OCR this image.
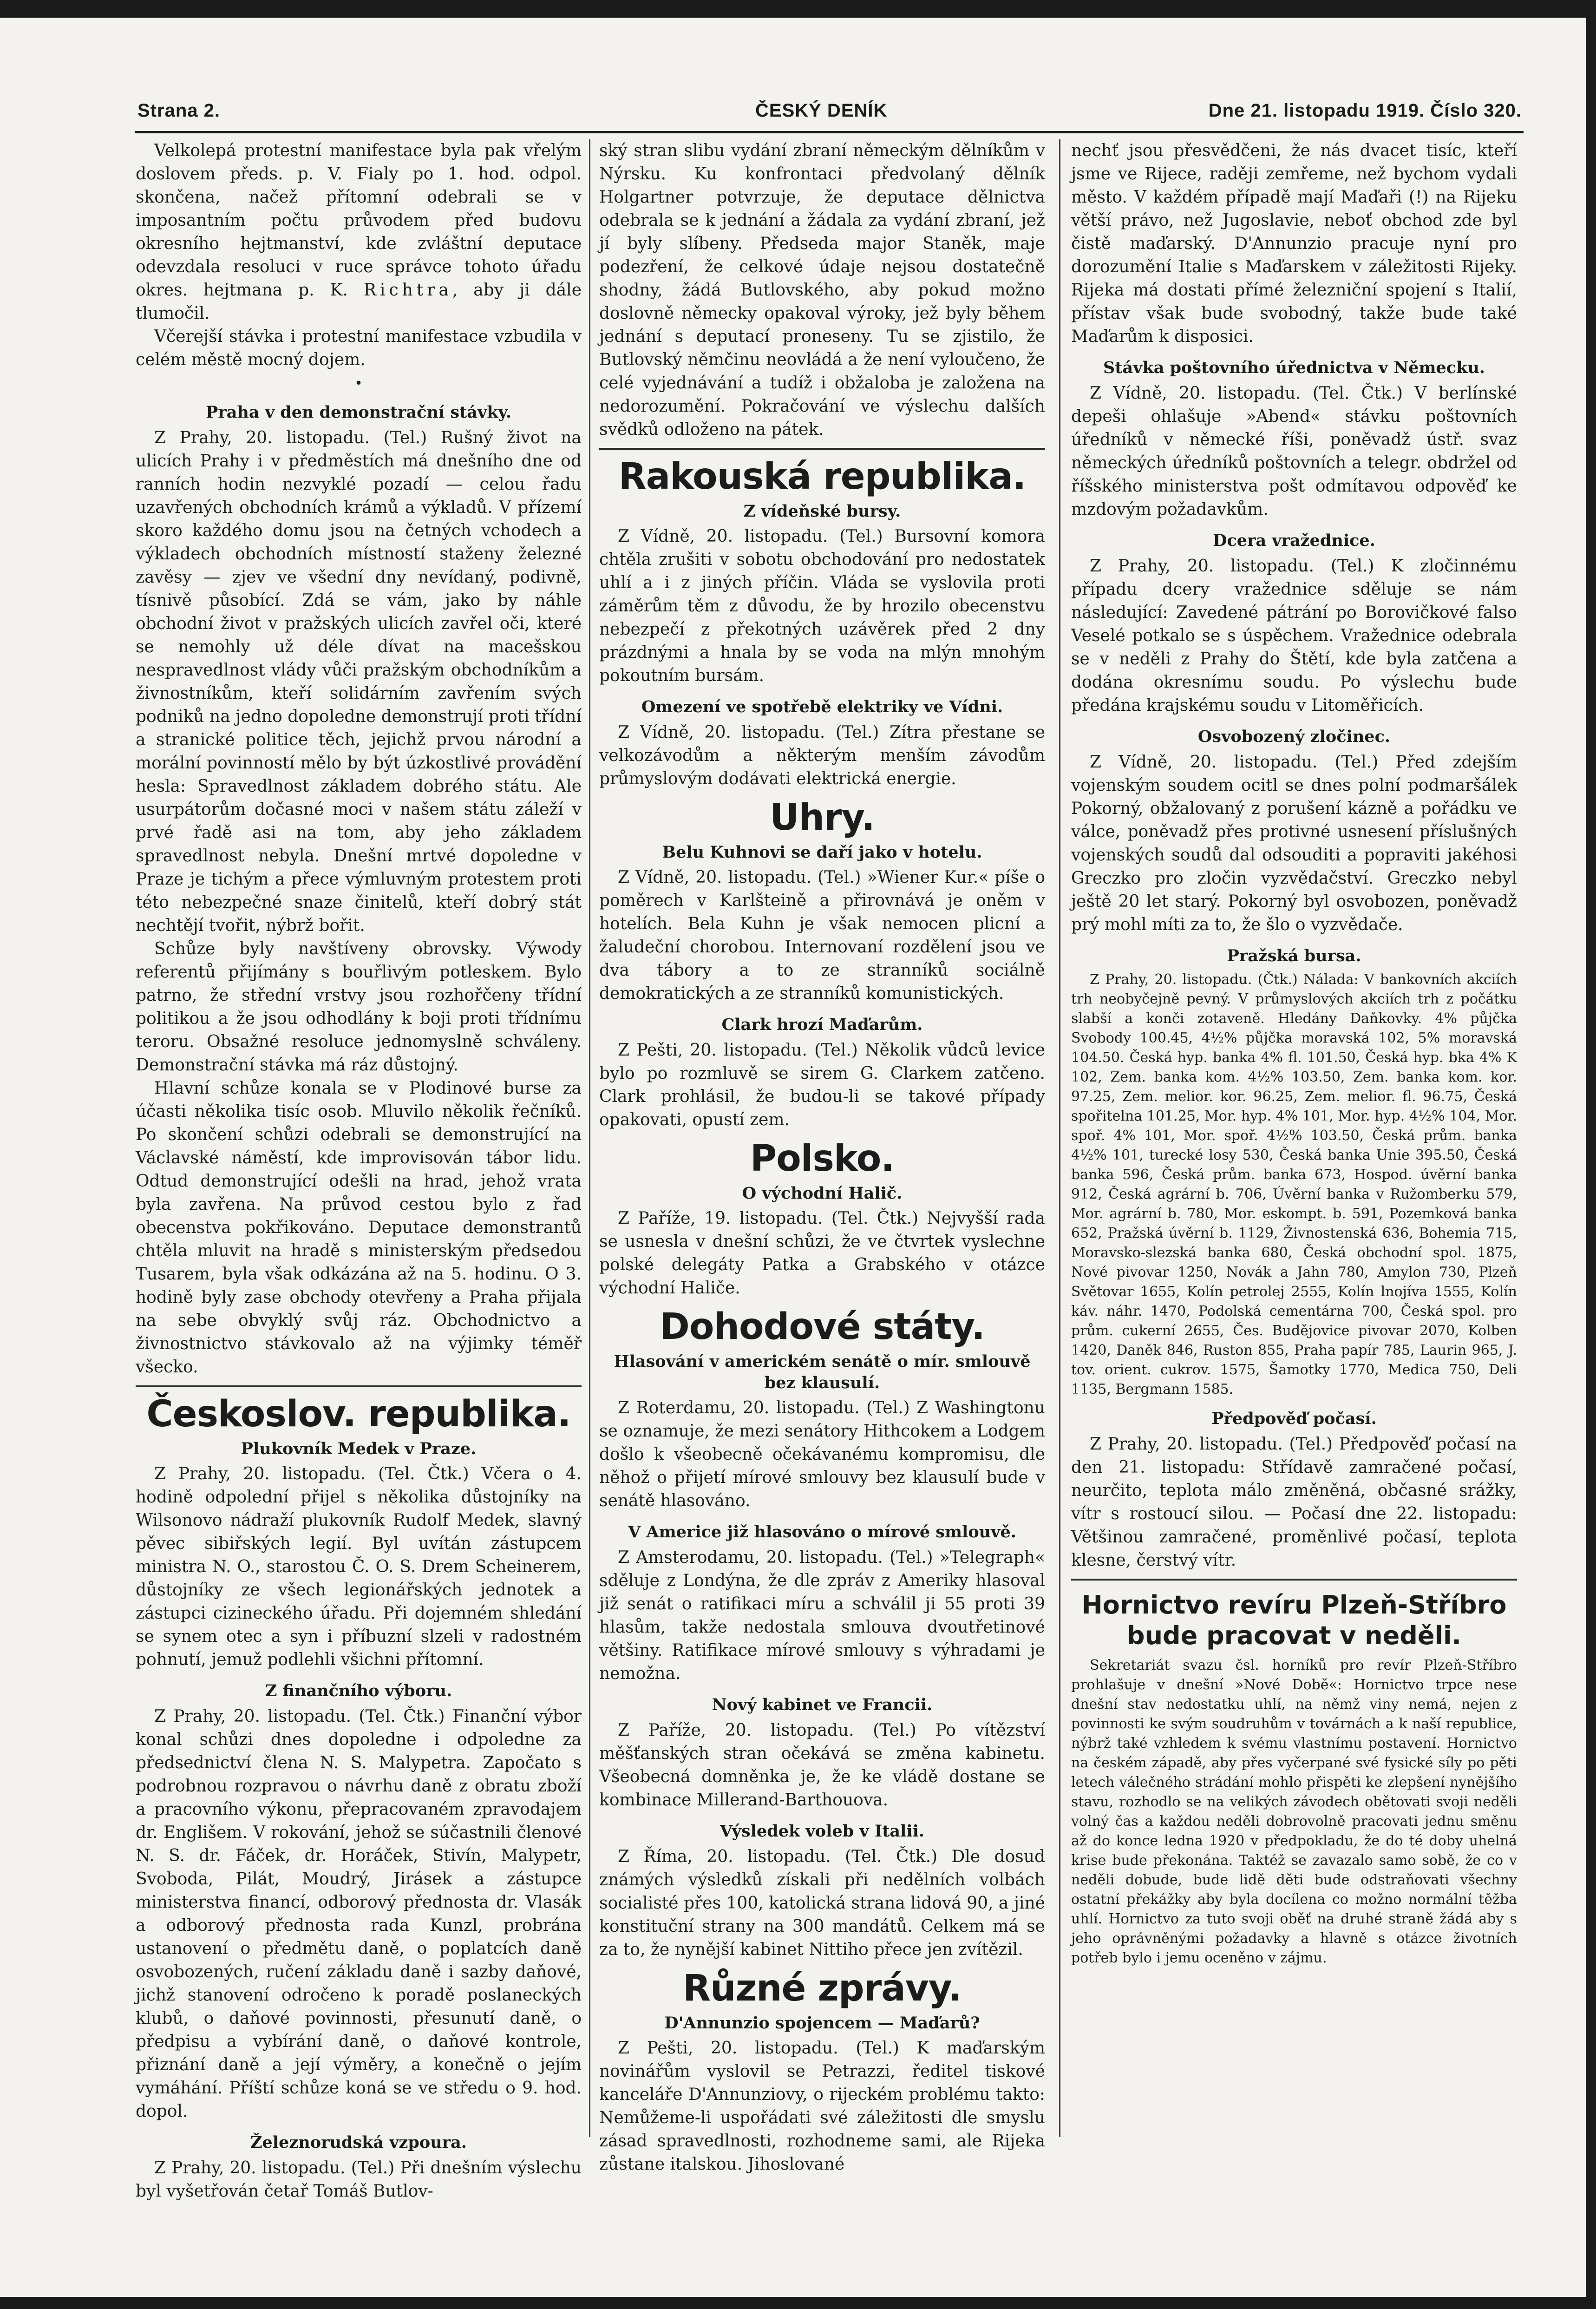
Strana 2.	ČESKÝ DENÍK	Dne 21. listopadu 1919. Číslo 320.

Velkolepá protestní manifestace byla pak vřelým doslovem předs. p. V. Fialy po 1. hod. odpol. skončena, načež přítomní odebrali se v imposantním počtu průvodem před budovu okresního hejtmanství, kde zvláštní deputace odevzdala resoluci v ruce správce tohoto úřadu okres. hejtmana p. K. Richtra, aby ji dále tlumočil.

Včerejší stávka i protestní manifestace vzbudila v celém městě mocný dojem.

•
Praha v den demonstrační stávky.

Z Prahy, 20. listopadu. (Tel.) Rušný život na ulicích Prahy i v předměstích má dnešního dne od ranních hodin nezvyklé pozadí — celou řadu uzavřených obchodních krámů a výkladů. V přízemí skoro každého domu jsou na četných vchodech a výkladech obchodních místností staženy železné zavěsy — zjev ve všední dny nevídaný, podivně, tísnivě působící. Zdá se vám, jako by náhle obchodní život v pražských ulicích zavřel oči, které se nemohly už déle dívat na macešskou nespravedlnost vlády vůči pražským obchodníkům a živnostníkům, kteří solidárním zavřením svých podniků na jedno dopoledne demonstrují proti třídní a stranické politice těch, jejichž prvou národní a morální povinností mělo by být úzkostlivé provádění hesla: Spravedlnost základem dobrého státu. Ale usurpátorům dočasné moci v našem státu záleží v prvé řadě asi na tom, aby jeho základem spravedlnost nebyla. Dnešní mrtvé dopoledne v Praze je tichým a přece výmluvným protestem proti této nebezpečné snaze činitelů, kteří dobrý stát nechtějí tvořit, nýbrž bořit.

Schůze byly navštíveny obrovsky. Výwody referentů přijímány s bouřlivým potleskem. Bylo patrno, že střední vrstvy jsou rozhořčeny třídní politikou a že jsou odhodlány k boji proti třídnímu teroru. Obsažné resoluce jednomyslně schváleny. Demonstrační stávka má ráz důstojný.

Hlavní schůze konala se v Plodinové burse za účasti několika tisíc osob. Mluvilo několik řečníků. Po skončení schůzi odebrali se demonstrující na Václavské náměstí, kde improvisován tábor lidu. Odtud demonstrující odešli na hrad, jehož vrata byla zavřena. Na průvod cestou bylo z řad obecenstva pokřikováno. Deputace demonstrantů chtěla mluvit na hradě s ministerským předsedou Tusarem, byla však odkázána až na 5. hodinu. O 3. hodině byly zase obchody otevřeny a Praha přijala na sebe obvyklý svůj ráz. Obchodnictvo a živnostnictvo stávkovalo až na výjimky téměř všecko.

Českoslov. republika.
Plukovník Medek v Praze.

Z Prahy, 20. listopadu. (Tel. Čtk.) Včera o 4. hodině odpolední přijel s několika důstojníky na Wilsonovo nádraží plukovník Rudolf Medek, slavný pěvec sibiřských legií. Byl uvítán zástupcem ministra N. O., starostou Č. O. S. Drem Scheinerem, důstojníky ze všech legionářských jednotek a zástupci cizineckého úřadu. Při dojemném shledání se synem otec a syn i příbuzní slzeli v radostném pohnutí, jemuž podlehli všichni přítomní.

Z finančního výboru.

Z Prahy, 20. listopadu. (Tel. Čtk.) Finanční výbor konal schůzi dnes dopoledne i odpoledne za předsednictví člena N. S. Malypetra. Započato s podrobnou rozpravou o návrhu daně z obratu zboží a pracovního výkonu, přepracovaném zpravodajem dr. Englišem. V rokování, jehož se súčastnili členové N. S. dr. Fáček, dr. Horáček, Stivín, Malypetr, Svoboda, Pilát, Moudrý, Jirásek a zástupce ministerstva financí, odborový přednosta dr. Vlasák a odborový přednosta rada Kunzl, probrána ustanovení o předmětu daně, o poplatcích daně osvobozených, ručení základu daně i sazby daňové, jichž stanovení odročeno k poradě poslaneckých klubů, o daňové povinnosti, přesunutí daně, o předpisu a vybírání daně, o daňové kontrole, přiznání daně a její výměry, a konečně o jejím vymáhání. Příští schůze koná se ve středu o 9. hod. dopol.

Železnorudská vzpoura.

Z Prahy, 20. listopadu. (Tel.) Při dnešním výslechu byl vyšetřován četař Tomáš Butlov-

ský stran slibu vydání zbraní německým dělníkům v Nýrsku. Ku konfrontaci předvolaný dělník Holgartner potvrzuje, že deputace dělnictva odebrala se k jednání a žádala za vydání zbraní, jež jí byly slíbeny. Předseda major Staněk, maje podezření, že celkové údaje nejsou dostatečně shodny, žádá Butlovského, aby pokud možno doslovně německy opakoval výroky, jež byly během jednání s deputací proneseny. Tu se zjistilo, že Butlovský němčinu neovládá a že není vyloučeno, že celé vyjednávání a tudíž i obžaloba je založena na nedorozumění. Pokračování ve výslechu dalších svědků odloženo na pátek.

Rakouská republika.
Z vídeňské bursy.

Z Vídně, 20. listopadu. (Tel.) Bursovní komora chtěla zrušiti v sobotu obchodování pro nedostatek uhlí a i z jiných příčin. Vláda se vyslovila proti záměrům těm z důvodu, že by hrozilo obecenstvu nebezpečí z překotných uzávěrek před 2 dny prázdnými a hnala by se voda na mlýn mnohým pokoutním bursám.

Omezení ve spotřebě elektriky ve Vídni.

Z Vídně, 20. listopadu. (Tel.) Zítra přestane se velkozávodům a některým menším závodům průmyslovým dodávati elektrická energie.

Uhry.
Belu Kuhnovi se daří jako v hotelu.

Z Vídně, 20. listopadu. (Tel.) »Wiener Kur.« píše o poměrech v Karlšteině a přirovnává je oněm v hotelích. Bela Kuhn je však nemocen plicní a žaludeční chorobou. Internovaní rozdělení jsou ve dva tábory a to ze stranníků sociálně demokratických a ze stranníků komunistických.

Clark hrozí Maďarům.

Z Pešti, 20. listopadu. (Tel.) Několik vůdců levice bylo po rozmluvě se sirem G. Clarkem zatčeno. Clark prohlásil, že budou-li se takové případy opakovati, opustí zem.

Polsko.
O východní Halič.

Z Paříže, 19. listopadu. (Tel. Čtk.) Nejvyšší rada se usnesla v dnešní schůzi, že ve čtvrtek vyslechne polské delegáty Patka a Grabského v otázce východní Haliče.

Dohodové státy.
Hlasování v americkém senátě o mír. smlouvě bez klausulí.

Z Roterdamu, 20. listopadu. (Tel.) Z Washingtonu se oznamuje, že mezi senátory Hithcokem a Lodgem došlo k všeobecně očekávanému kompromisu, dle něhož o přijetí mírové smlouvy bez klausulí bude v senátě hlasováno.

V Americe již hlasováno o mírové smlouvě.

Z Amsterodamu, 20. listopadu. (Tel.) »Telegraph« sděluje z Londýna, že dle zpráv z Ameriky hlasoval již senát o ratifikaci míru a schválil ji 55 proti 39 hlasům, takže nedostala smlouva dvoutřetinové většiny. Ratifikace mírové smlouvy s výhradami je nemožna.

Nový kabinet ve Francii.

Z Paříže, 20. listopadu. (Tel.) Po vítězství měšťanských stran očekává se změna kabinetu. Všeobecná domněnka je, že ke vládě dostane se kombinace Millerand-Barthouova.

Výsledek voleb v Italii.

Z Říma, 20. listopadu. (Tel. Čtk.) Dle dosud známých výsledků získali při nedělních volbách socialisté přes 100, katolická strana lidová 90, a jiné konstituční strany na 300 mandátů. Celkem má se za to, že nynější kabinet Nittiho přece jen zvítězil.

Různé zprávy.
D'Annunzio spojencem — Maďarů?

Z Pešti, 20. listopadu. (Tel.) K maďarským novinářům vyslovil se Petrazzi, ředitel tiskové kanceláře D'Annunziovy, o rijeckém problému takto: Nemůžeme-li uspořádati své záležitosti dle smyslu zásad spravedlnosti, rozhodneme sami, ale Rijeka zůstane italskou. Jihoslované

nechť jsou přesvědčeni, že nás dvacet tisíc, kteří jsme ve Rijece, raději zemřeme, než bychom vydali město. V každém případě mají Maďaři (!) na Rijeku větší právo, než Jugoslavie, neboť obchod zde byl čistě maďarský. D'Annunzio pracuje nyní pro dorozumění Italie s Maďarskem v záležitosti Rijeky. Rijeka má dostati přímé železniční spojení s Italií, přístav však bude svobodný, takže bude také Maďarům k disposici.

Stávka poštovního úřednictva v Německu.

Z Vídně, 20. listopadu. (Tel. Čtk.) V berlínské depeši ohlašuje »Abend« stávku poštovních úředníků v německé říši, poněvadž ústř. svaz německých úředníků poštovních a telegr. obdržel od říšského ministerstva pošt odmítavou odpověď ke mzdovým požadavkům.

Dcera vražednice.

Z Prahy, 20. listopadu. (Tel.) K zločinnému případu dcery vražednice sděluje se nám následující: Zavedené pátrání po Borovičkové falso Veselé potkalo se s úspěchem. Vražednice odebrala se v neděli z Prahy do Štětí, kde byla zatčena a dodána okresnímu soudu. Po výslechu bude předána krajskému soudu v Litoměřicích.

Osvobozený zločinec.

Z Vídně, 20. listopadu. (Tel.) Před zdejším vojenským soudem ocitl se dnes polní podmaršálek Pokorný, obžalovaný z porušení kázně a pořádku ve válce, poněvadž přes protivné usnesení příslušných vojenských soudů dal odsouditi a popraviti jakéhosi Greczko pro zločin vyzvědačství. Greczko nebyl ještě 20 let starý. Pokorný byl osvobozen, poněvadž prý mohl míti za to, že šlo o vyzvědače.

Pražská bursa.

Z Prahy, 20. listopadu. (Čtk.) Nálada: V bankovních akciích trh neobyčejně pevný. V průmyslových akciích trh z počátku slabší a konči zotaveně. Hledány Daňkovky. 4% půjčka Svobody 100.45, 4½% půjčka moravská 102, 5% moravská 104.50. Česká hyp. banka 4% fl. 101.50, Česká hyp. bka 4% K 102, Zem. banka kom. 4½% 103.50, Zem. banka kom. kor. 97.25, Zem. melior. kor. 96.25, Zem. melior. fl. 96.75, Česká spořitelna 101.25, Mor. hyp. 4% 101, Mor. hyp. 4½% 104, Mor. spoř. 4% 101, Mor. spoř. 4½% 103.50, Česká prům. banka 4½% 101, turecké losy 530, Česká banka Unie 395.50, Česká banka 596, Česká prům. banka 673, Hospod. úvěrní banka 912, Česká agrární b. 706, Úvěrní banka v Ružomberku 579, Mor. agrární b. 780, Mor. eskompt. b. 591, Pozemková banka 652, Pražská úvěrní b. 1129, Živnostenská 636, Bohemia 715, Moravsko-slezská banka 680, Česká obchodní spol. 1875, Nové pivovar 1250, Novák a Jahn 780, Amylon 730, Plzeň Světovar 1655, Kolín petrolej 2555, Kolín lnojíva 1555, Kolín káv. náhr. 1470, Podolská cementárna 700, Česká spol. pro prům. cukerní 2655, Čes. Budějovice pivovar 2070, Kolben 1420, Daněk 846, Ruston 855, Praha papír 785, Laurin 965, J. tov. orient. cukrov. 1575, Šamotky 1770, Medica 750, Deli 1135, Bergmann 1585.

Předpověď počasí.

Z Prahy, 20. listopadu. (Tel.) Předpověď počasí na den 21. listopadu: Střídavě zamračené počasí, neurčito, teplota málo změněná, občasné srážky, vítr s rostoucí silou. — Počasí dne 22. listopadu: Většinou zamračené, proměnlivé počasí, teplota klesne, čerstvý vítr.

Hornictvo revíru Plzeň-Stříbro bude pracovat v neděli.

Sekretariát svazu čsl. horníků pro revír Plzeň-Stříbro prohlašuje v dnešní »Nové Době«: Hornictvo trpce nese dnešní stav nedostatku uhlí, na němž viny nemá, nejen z povinnosti ke svým soudruhům v továrnách a k naší republice, nýbrž také vzhledem k svému vlastnímu postavení. Hornictvo na českém západě, aby přes vyčerpané své fysické síly po pěti letech válečného strádání mohlo přispěti ke zlepšení nynějšího stavu, rozhodlo se na velikých závodech obětovati svoji neděli volný čas a každou neděli dobrovolně pracovati jednu směnu až do konce ledna 1920 v předpokladu, že do té doby uhelná krise bude překonána. Taktéž se zavazalo samo sobě, že co v neděli dobude, bude lidě děti bude odstraňovati všechny ostatní překážky aby byla docílena co možno normální těžba uhlí. Hornictvo za tuto svoji oběť na druhé straně žádá aby s jeho oprávněnými požadavky a hlavně s otázce životních potřeb bylo i jemu oceněno v zájmu.
